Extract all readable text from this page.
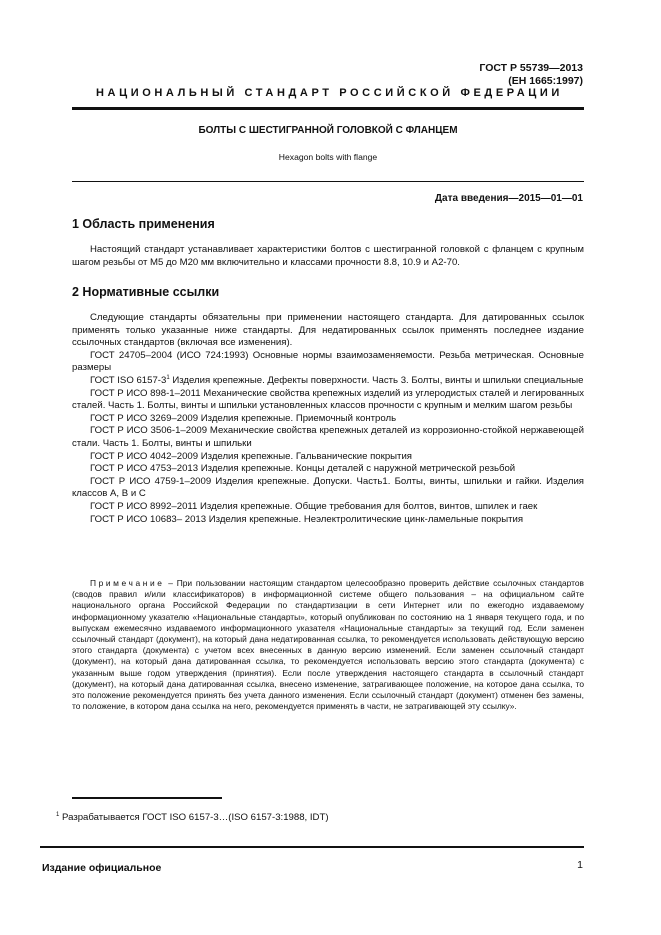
ГОСТ Р 55739—2013
(EH 1665:1997)
НАЦИОНАЛЬНЫЙ СТАНДАРТ РОССИЙСКОЙ ФЕДЕРАЦИИ
БОЛТЫ С ШЕСТИГРАННОЙ ГОЛОВКОЙ С ФЛАНЦЕМ
Hexagon bolts with flange
Дата введения—2015—01—01
1 Область применения

Настоящий стандарт устанавливает характеристики болтов с шестигранной головкой с фланцем с крупным шагом резьбы от М5 до М20 мм включительно и классами прочности 8.8, 10.9 и А2-70.

2 Нормативные ссылки

Следующие стандарты обязательны при применении настоящего стандарта. Для датированных ссылок применять только указанные ниже стандарты. Для недатированных ссылок применять последнее издание ссылочных стандартов (включая все изменения).

ГОСТ 24705–2004 (ИСО 724:1993) Основные нормы взаимозаменяемости. Резьба метрическая. Основные размеры

ГОСТ ISO $6157-3^1$ Изделия крепежные. Дефекты поверхности. Часть 3. Болты, винты и шпильки специальные

ГОСТ Р ИСО 898-1–2011 Механические свойства крепежных изделий из углеродистых сталей и легированных сталей. Часть 1. Болты, винты и шпильки установленных классов прочности с крупным и мелким шагом резьбы

ГОСТ Р ИСО 3269–2009 Изделия крепежные. Приемочный контроль

ГОСТ Р ИСО 3506-1–2009 Механические свойства крепежных деталей из коррозионно-стойкой нержавеющей стали. Часть 1. Болты, винты и шпильки

ГОСТ Р ИСО 4042–2009 Изделия крепежные. Гальванические покрытия

ГОСТ Р ИСО 4753–2013 Изделия крепежные. Концы деталей с наружной метрической резьбой

ГОСТ Р ИСО 4759-1–2009 Изделия крепежные. Допуски. Часть1. Болты, винты, шпильки и гайки. Изделия классов А, В и С

ГОСТ Р ИСО 8992–2011 Изделия крепежные. Общие требования для болтов, винтов, шпилек и гаек

ГОСТ Р ИСО 10683– 2013 Изделия крепежные. Неэлектролитические цинк-ламельные покрытия

Примечание – При пользовании настоящим стандартом целесообразно проверить действие ссылочных стандартов (сводов правил и/или классификаторов) в информационной системе общего пользования – на официальном сайте национального органа Российской Федерации по стандартизации в сети Интернет или по ежегодно издаваемому информационному указателю «Национальные стандарты», который опубликован по состоянию на 1 января текущего года, и по выпускам ежемесячно издаваемого информационного указателя «Национальные стандарты» за текущий год. Если заменен ссылочный стандарт (документ), на который дана недатированная ссылка, то рекомендуется использовать действующую версию этого стандарта (документа) с учетом всех внесенных в данную версию изменений. Если заменен ссылочный стандарт (документ), на который дана датированная ссылка, то рекомендуется использовать версию этого стандарта (документа) с указанным выше годом утверждения (принятия). Если после утверждения настоящего стандарта в ссылочный стандарт (документ), на который дана датированная ссылка, внесено изменение, затрагивающее положение, на которое дана ссылка, то это положение рекомендуется принять без учета данного изменения. Если ссылочный стандарт (документ) отменен без замены, то положение, в котором дана ссылка на него, рекомендуется применять в части, не затрагивающей эту ссылку».

$^1$ Разрабатывается ГОСТ ISO 6157-3…(ISO 6157-3:1988, IDT)
Издание официальное	1
